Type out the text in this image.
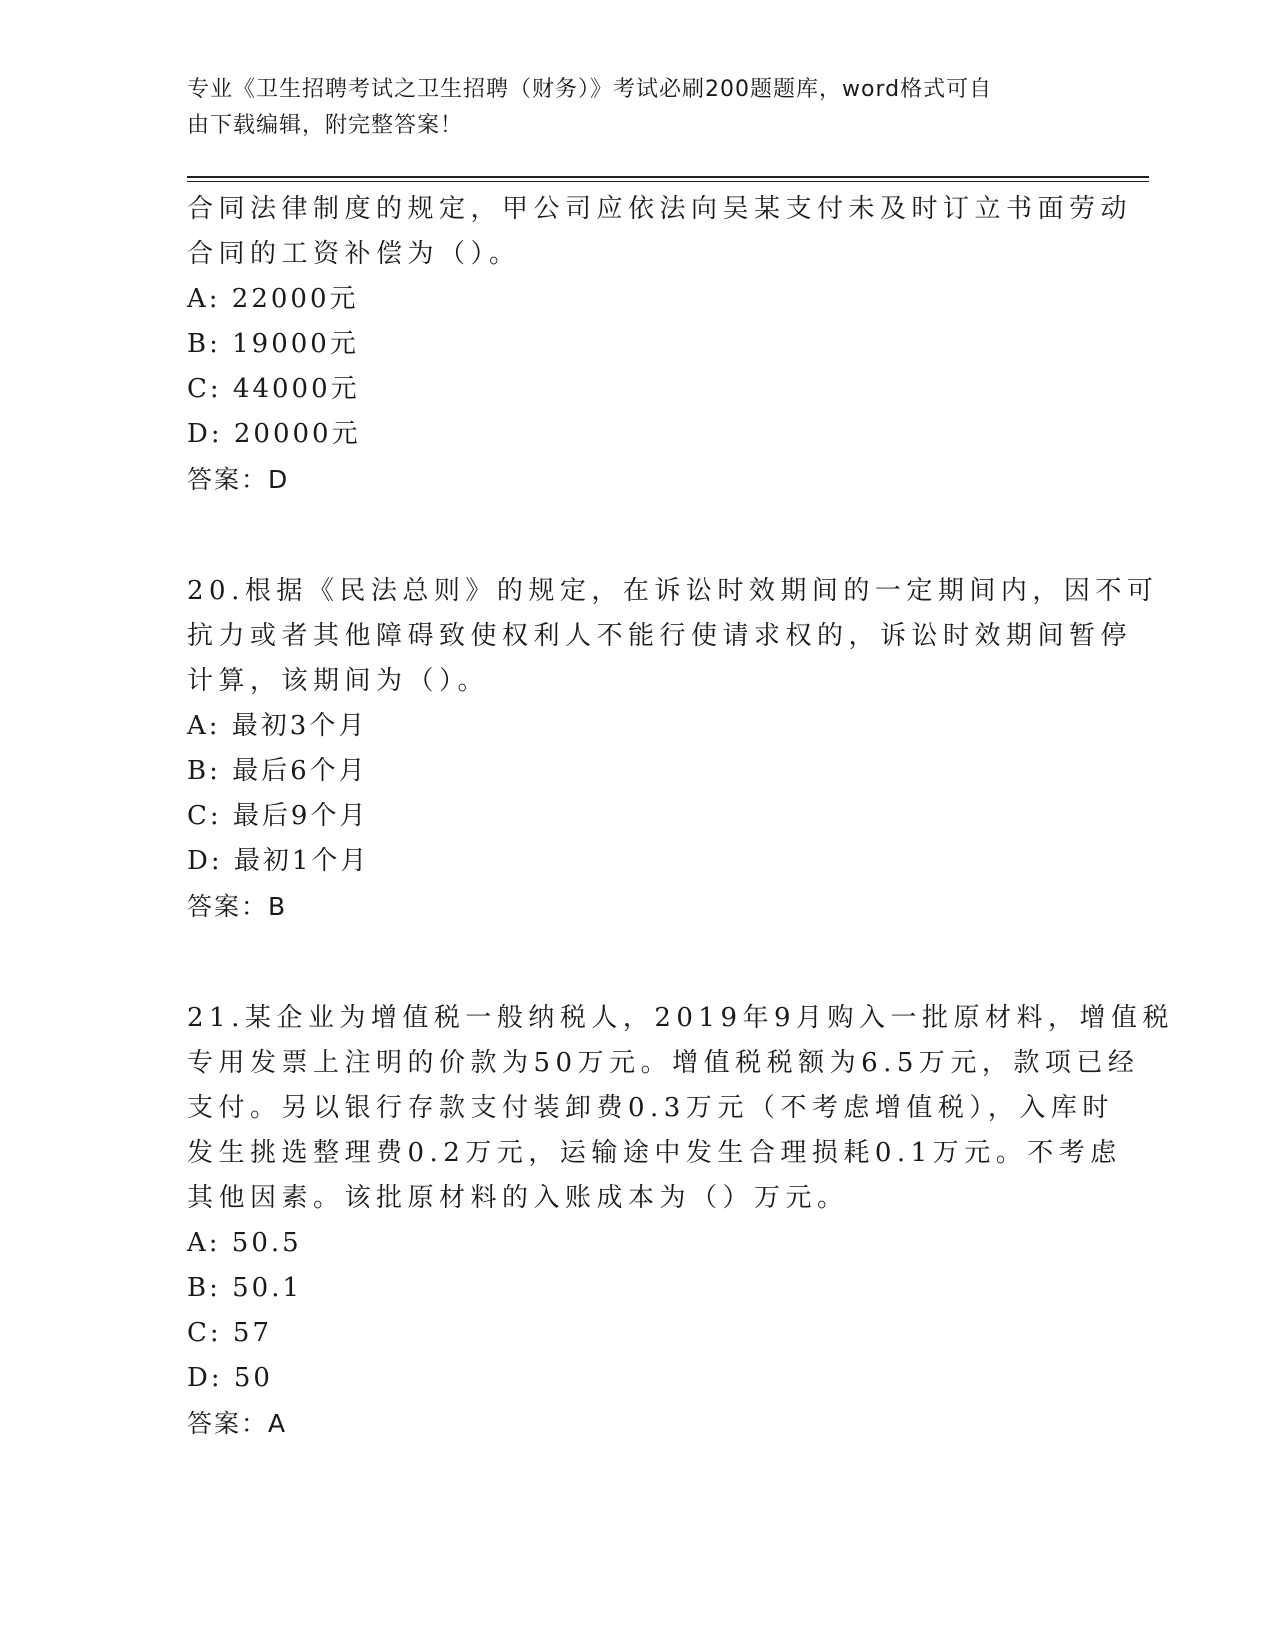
专业《卫生招聘考试之卫生招聘（财务）》考试必刷200题题库，word格式可自
由下载编辑，附完整答案！
合同法律制度的规定，甲公司应依法向吴某支付未及时订立书面劳动
合同的工资补偿为（）。
A: 22000元
B: 19000元
C: 44000元
D: 20000元
答案：D
20.根据《民法总则》的规定，在诉讼时效期间的一定期间内，因不可
抗力或者其他障碍致使权利人不能行使请求权的，诉讼时效期间暂停
计算，该期间为（）。
A: 最初3个月
B: 最后6个月
C: 最后9个月
D: 最初1个月
答案：B
21.某企业为增值税一般纳税人，2019年9月购入一批原材料，增值税
专用发票上注明的价款为50万元。增值税税额为6.5万元，款项已经
支付。另以银行存款支付装卸费0.3万元（不考虑增值税），入库时
发生挑选整理费0.2万元，运输途中发生合理损耗0.1万元。不考虑
其他因素。该批原材料的入账成本为（）万元。
A: 50.5
B: 50.1
C: 57
D: 50
答案：A
